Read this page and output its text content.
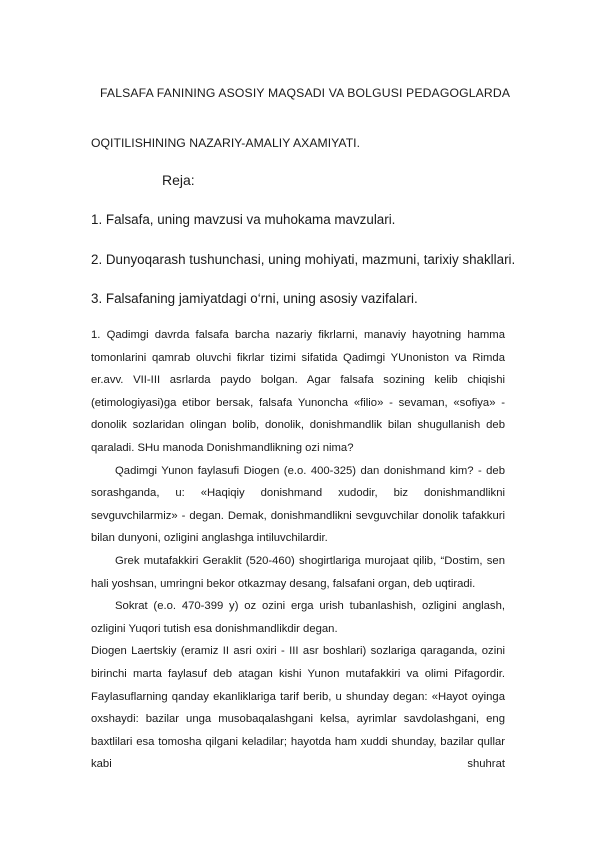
FALSAFA FANINING ASOSIY MAQSADI VA BOLGUSI PEDAGOGLARDA
OQITILISHINING NAZARIY-AMALIY AXAMIYATI.
Reja:
1. Falsafa, uning mavzusi va muhokama mavzulari.
2. Dunyoqarash tushunchasi, uning mohiyati, mazmuni, tarixiy shakllari.
3. Falsafaning jamiyatdagi o‘rni, uning asosiy vazifalari.

1. Qadimgi davrda falsafa barcha nazariy fikrlarni, manaviy hayotning hamma tomonlarini qamrab oluvchi fikrlar tizimi sifatida Qadimgi YUnoniston va Rimda er.avv. VII-III asrlarda paydo bolgan. Agar falsafa sozining kelib chiqishi (etimologiyasi)ga etibor bersak, falsafa Yunoncha «filio» - sevaman, «sofiya» - donolik sozlaridan olingan bolib, donolik, donishmandlik bilan shugullanish deb qaraladi. SHu manoda Donishmandlikning ozi nima?

Qadimgi Yunon faylasufi Diogen (e.o. 400-325) dan donishmand kim? - deb sorashganda, u: «Haqiqiy donishmand xudodir, biz donishmandlikni sevguvchilarmiz» - degan. Demak, donishmandlikni sevguvchilar donolik tafakkuri bilan dunyoni, ozligini anglashga intiluvchilardir.

Grek mutafakkiri Geraklit (520-460) shogirtlariga murojaat qilib, “Dostim, sen hali yoshsan, umringni bekor otkazmay desang, falsafani organ, deb uqtiradi.

Sokrat (e.o. 470-399 y) oz ozini erga urish tubanlashish, ozligini anglash, ozligini Yuqori tutish esa donishmandlikdir degan.

Diogen Laertskiy (eramiz II asri oxiri - III asr boshlari) sozlariga qaraganda, ozini birinchi marta faylasuf deb atagan kishi Yunon mutafakkiri va olimi Pifagordir. Faylasuflarning qanday ekanliklariga tarif berib, u shunday degan: «Hayot oyinga oxshaydi: bazilar unga musobaqalashgani kelsa, ayrimlar savdolashgani, eng baxtlilari esa tomosha qilgani keladilar; hayotda ham xuddi shunday, bazilar qullar kabi shuhrat
